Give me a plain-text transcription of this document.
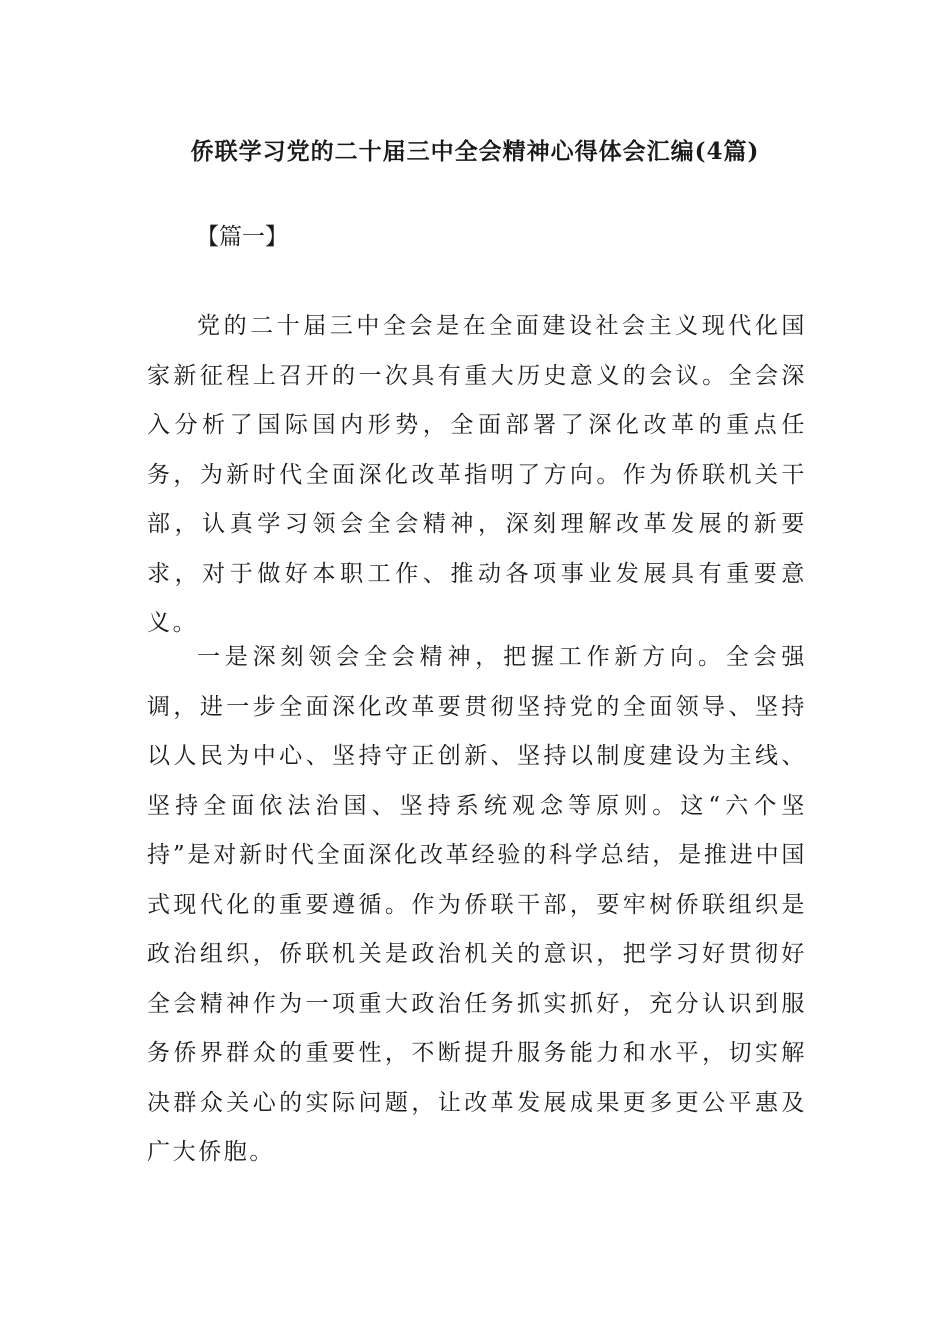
侨联学习党的二十届三中全会精神心得体会汇编(4篇)

【篇一】

党的二十届三中全会是在全面建设社会主义现代化国家新征程上召开的一次具有重大历史意义的会议。全会深入分析了国际国内形势，全面部署了深化改革的重点任务，为新时代全面深化改革指明了方向。作为侨联机关干部，认真学习领会全会精神，深刻理解改革发展的新要求，对于做好本职工作、推动各项事业发展具有重要意义。

一是深刻领会全会精神，把握工作新方向。全会强调，进一步全面深化改革要贯彻坚持党的全面领导、坚持以人民为中心、坚持守正创新、坚持以制度建设为主线、坚持全面依法治国、坚持系统观念等原则。这“六个坚持”是对新时代全面深化改革经验的科学总结，是推进中国式现代化的重要遵循。作为侨联干部，要牢树侨联组织是政治组织，侨联机关是政治机关的意识，把学习好贯彻好全会精神作为一项重大政治任务抓实抓好，充分认识到服务侨界群众的重要性，不断提升服务能力和水平，切实解决群众关心的实际问题，让改革发展成果更多更公平惠及广大侨胞。
